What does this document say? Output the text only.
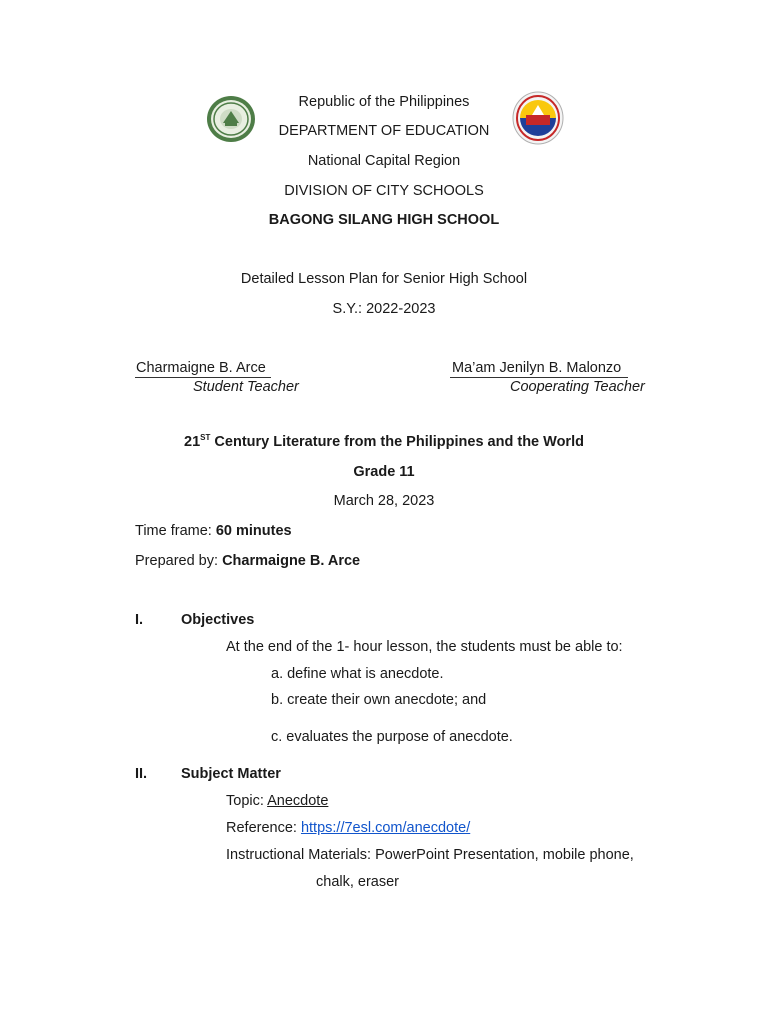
Republic of the Philippines
DEPARTMENT OF EDUCATION
National Capital Region
DIVISION OF CITY SCHOOLS
BAGONG SILANG HIGH SCHOOL
Detailed Lesson Plan for Senior High School
S.Y.: 2022-2023
Charmaigne B. Arce
Student Teacher
Ma’am Jenilyn B. Malonzo
Cooperating Teacher
21ST Century Literature from the Philippines and the World
Grade 11
March 28, 2023
Time frame: 60 minutes
Prepared by: Charmaigne B. Arce
I.	Objectives
At the end of the 1- hour lesson, the students must be able to:
a. define what is anecdote.
b. create their own anecdote; and
c. evaluates the purpose of anecdote.
II. Subject Matter
Topic: Anecdote
Reference: https://7esl.com/anecdote/
Instructional Materials: PowerPoint Presentation, mobile phone,
chalk, eraser
